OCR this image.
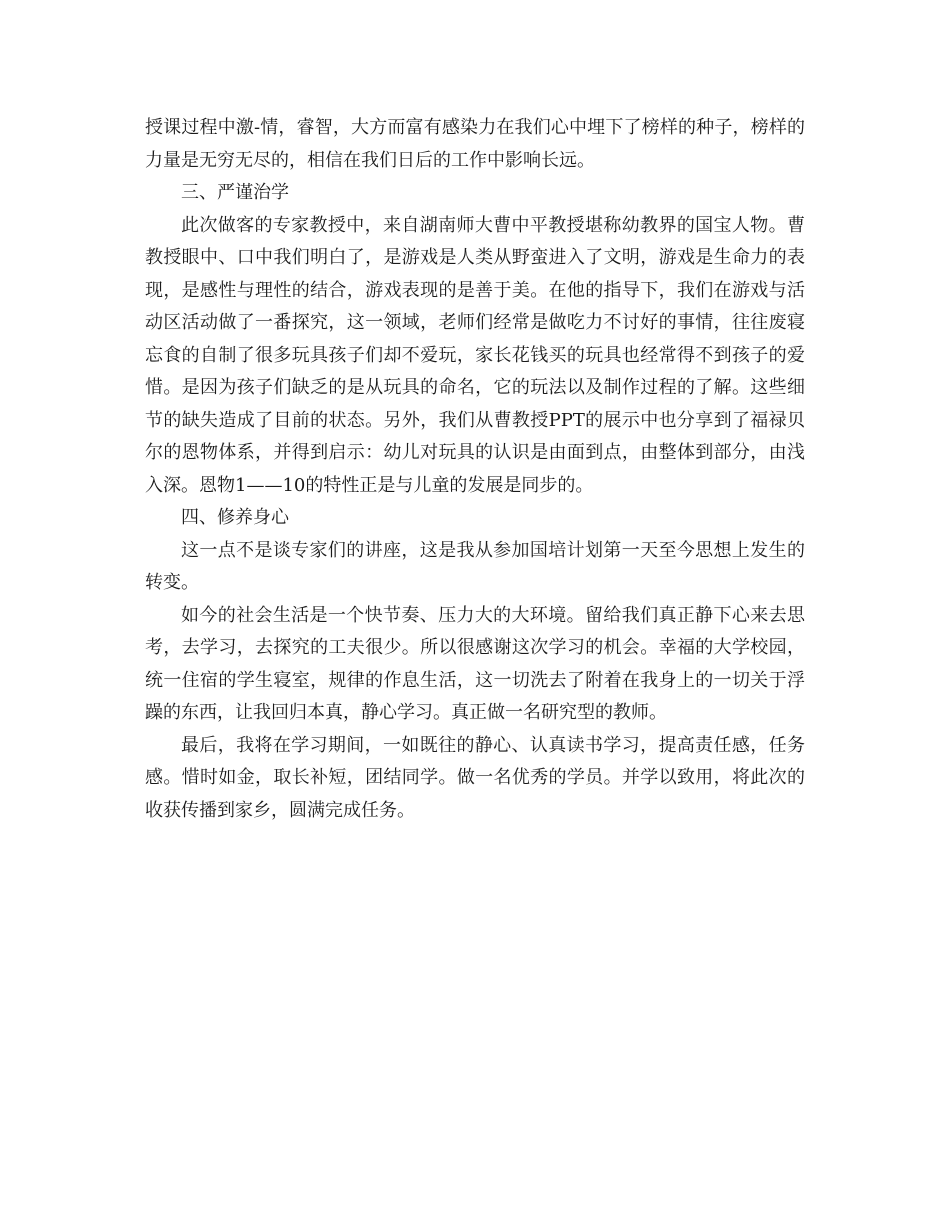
授课过程中激-情，睿智，大方而富有感染力在我们心中埋下了榜样的种子，榜样的力量是无穷无尽的，相信在我们日后的工作中影响长远。

三、严谨治学

此次做客的专家教授中，来自湖南师大曹中平教授堪称幼教界的国宝人物。曹教授眼中、口中我们明白了，是游戏是人类从野蛮进入了文明，游戏是生命力的表现，是感性与理性的结合，游戏表现的是善于美。在他的指导下，我们在游戏与活动区活动做了一番探究，这一领域，老师们经常是做吃力不讨好的事情，往往废寝忘食的自制了很多玩具孩子们却不爱玩，家长花钱买的玩具也经常得不到孩子的爱惜。是因为孩子们缺乏的是从玩具的命名，它的玩法以及制作过程的了解。这些细节的缺失造成了目前的状态。另外，我们从曹教授PPT的展示中也分享到了福禄贝尔的恩物体系，并得到启示：幼儿对玩具的认识是由面到点，由整体到部分，由浅入深。恩物1——10的特性正是与儿童的发展是同步的。

四、修养身心

这一点不是谈专家们的讲座，这是我从参加国培计划第一天至今思想上发生的转变。

如今的社会生活是一个快节奏、压力大的大环境。留给我们真正静下心来去思考，去学习，去探究的工夫很少。所以很感谢这次学习的机会。幸福的大学校园，统一住宿的学生寝室，规律的作息生活，这一切洗去了附着在我身上的一切关于浮躁的东西，让我回归本真，静心学习。真正做一名研究型的教师。

最后，我将在学习期间，一如既往的静心、认真读书学习，提高责任感，任务感。惜时如金，取长补短，团结同学。做一名优秀的学员。并学以致用，将此次的收获传播到家乡，圆满完成任务。
